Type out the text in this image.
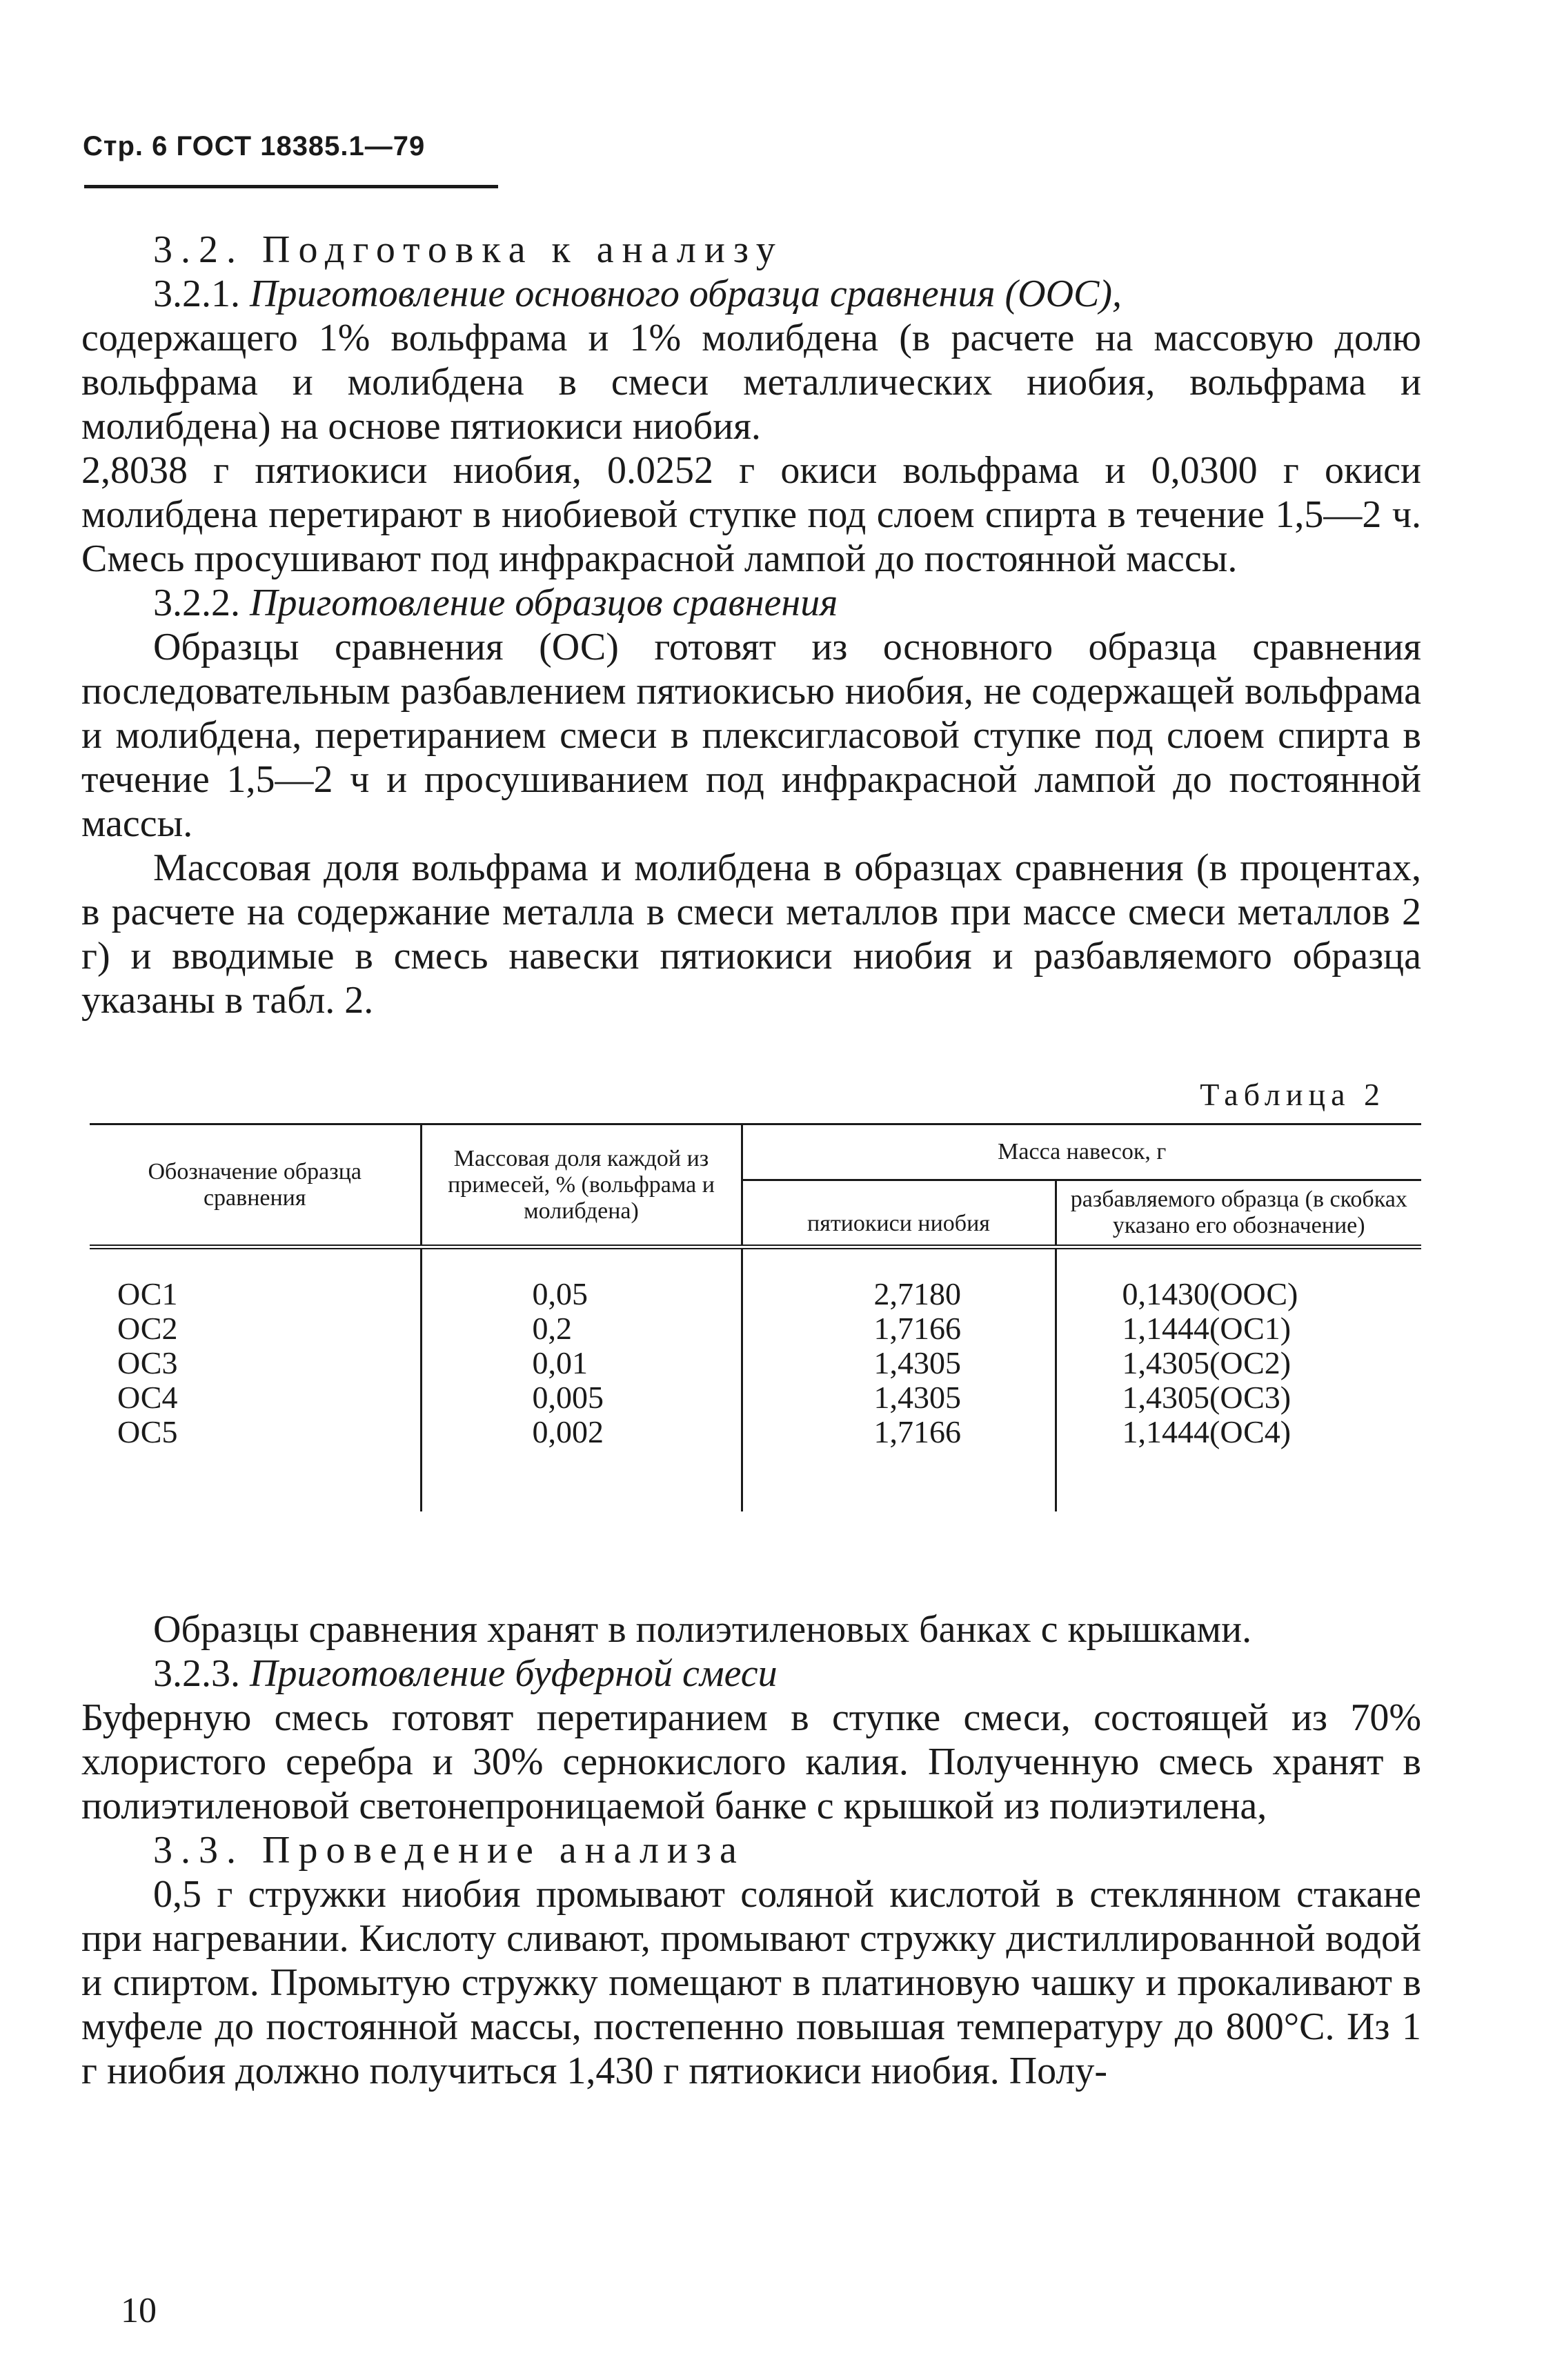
Стр. 6 ГОСТ 18385.1—79

3.2. Подготовка к анализу

3.2.1. Приготовление основного образца сравнения (ООС),

содержащего 1% вольфрама и 1% молибдена (в расчете на массовую долю вольфрама и молибдена в смеси металлических ниобия, вольфрама и молибдена) на основе пятиокиси ниобия.

2,8038 г пятиокиси ниобия, 0.0252 г окиси вольфрама и 0,0300 г окиси молибдена перетирают в ниобиевой ступке под слоем спирта в течение 1,5—2 ч. Смесь просушивают под инфракрасной лампой до постоянной массы.

3.2.2. Приготовление образцов сравнения

Образцы сравнения (ОС) готовят из основного образца сравнения последовательным разбавлением пятиокисью ниобия, не содержащей вольфрама и молибдена, перетиранием смеси в плексигласовой ступке под слоем спирта в течение 1,5—2 ч и просушиванием под инфракрасной лампой до постоянной массы.

Массовая доля вольфрама и молибдена в образцах сравнения (в процентах, в расчете на содержание металла в смеси металлов при массе смеси металлов 2 г) и вводимые в смесь навески пятиокиси ниобия и разбавляемого образца указаны в табл. 2.

Таблица 2
Обозначение образца сравнения	Массовая доля каждой из примесей, % (вольфрама и молибдена)	Масса навесок, г	
		пятиокиси ниобия	разбавляемого образца (в скобках указано его обозначение)
ОС1	0,05	2,7180	0,1430(ООС)
ОС2	0,2	1,7166	1,1444(ОС1)
ОС3	0,01	1,4305	1,4305(ОС2)
ОС4	0,005	1,4305	1,4305(ОС3)
ОС5	0,002	1,7166	1,1444(ОС4)

Образцы сравнения хранят в полиэтиленовых банках с крышками.

3.2.3. Приготовление буферной смеси

Буферную смесь готовят перетиранием в ступке смеси, состоящей из 70% хлористого серебра и 30% сернокислого калия. Полученную смесь хранят в полиэтиленовой светонепроницаемой банке с крышкой из полиэтилена,

3.3. Проведение анализа

0,5 г стружки ниобия промывают соляной кислотой в стеклянном стакане при нагревании. Кислоту сливают, промывают стружку дистиллированной водой и спиртом. Промытую стружку помещают в платиновую чашку и прокаливают в муфеле до постоянной массы, постепенно повышая температуру до 800°С. Из 1 г ниобия должно получиться 1,430 г пятиокиси ниобия. Полу-

10
